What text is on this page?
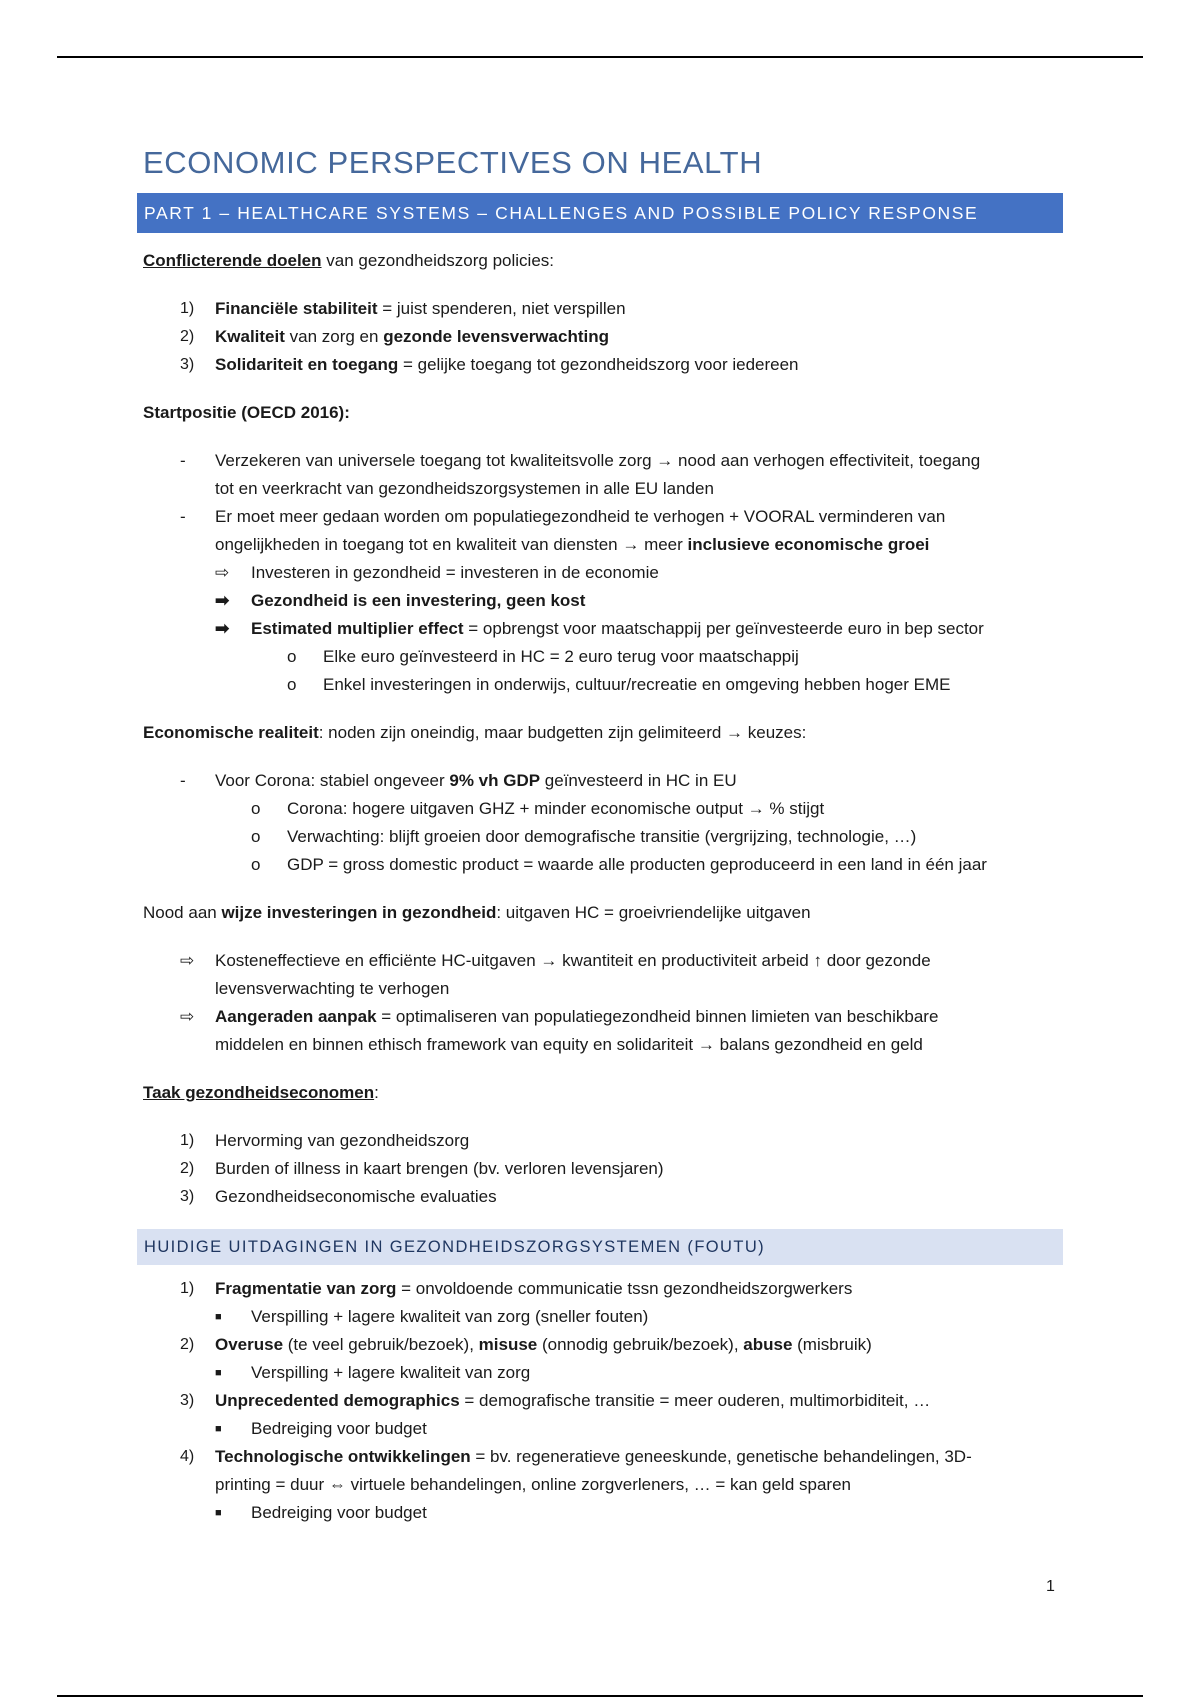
ECONOMIC PERSPECTIVES ON HEALTH
PART 1 – HEALTHCARE SYSTEMS – CHALLENGES AND POSSIBLE POLICY RESPONSE

Conflicterende doelen van gezondheidszorg policies:

1) Financiële stabiliteit = juist spenderen, niet verspillen
2) Kwaliteit van zorg en gezonde levensverwachting
3) Solidariteit en toegang = gelijke toegang tot gezondheidszorg voor iedereen

Startpositie (OECD 2016):

- Verzekeren van universele toegang tot kwaliteitsvolle zorg → nood aan verhogen effectiviteit, toegang
tot en veerkracht van gezondheidszorgsystemen in alle EU landen
- Er moet meer gedaan worden om populatiegezondheid te verhogen + VOORAL verminderen van
ongelijkheden in toegang tot en kwaliteit van diensten → meer inclusieve economische groei
⇨ Investeren in gezondheid = investeren in de economie
➡ Gezondheid is een investering, geen kost
➡ Estimated multiplier effect = opbrengst voor maatschappij per geïnvesteerde euro in bep sector
o Elke euro geïnvesteerd in HC = 2 euro terug voor maatschappij
o Enkel investeringen in onderwijs, cultuur/recreatie en omgeving hebben hoger EME

Economische realiteit: noden zijn oneindig, maar budgetten zijn gelimiteerd → keuzes:

- Voor Corona: stabiel ongeveer 9% vh GDP geïnvesteerd in HC in EU
o Corona: hogere uitgaven GHZ + minder economische output → % stijgt
o Verwachting: blijft groeien door demografische transitie (vergrijzing, technologie, …)
o GDP = gross domestic product = waarde alle producten geproduceerd in een land in één jaar

Nood aan wijze investeringen in gezondheid: uitgaven HC = groeivriendelijke uitgaven

⇨ Kosteneffectieve en efficiënte HC-uitgaven → kwantiteit en productiviteit arbeid ↑ door gezonde
levensverwachting te verhogen
⇨ Aangeraden aanpak = optimaliseren van populatiegezondheid binnen limieten van beschikbare
middelen en binnen ethisch framework van equity en solidariteit → balans gezondheid en geld

Taak gezondheidseconomen:

1) Hervorming van gezondheidszorg
2) Burden of illness in kaart brengen (bv. verloren levensjaren)
3) Gezondheidseconomische evaluaties
HUIDIGE UITDAGINGEN IN GEZONDHEIDSZORGSYSTEMEN (FOUTU)
1) Fragmentatie van zorg = onvoldoende communicatie tssn gezondheidszorgwerkers
■ Verspilling + lagere kwaliteit van zorg (sneller fouten)
2) Overuse (te veel gebruik/bezoek), misuse (onnodig gebruik/bezoek), abuse (misbruik)
■ Verspilling + lagere kwaliteit van zorg
3) Unprecedented demographics = demografische transitie = meer ouderen, multimorbiditeit, …
■ Bedreiging voor budget
4) Technologische ontwikkelingen = bv. regeneratieve geneeskunde, genetische behandelingen, 3D-
printing = duur ⇔ virtuele behandelingen, online zorgverleners, … = kan geld sparen
■ Bedreiging voor budget
1
